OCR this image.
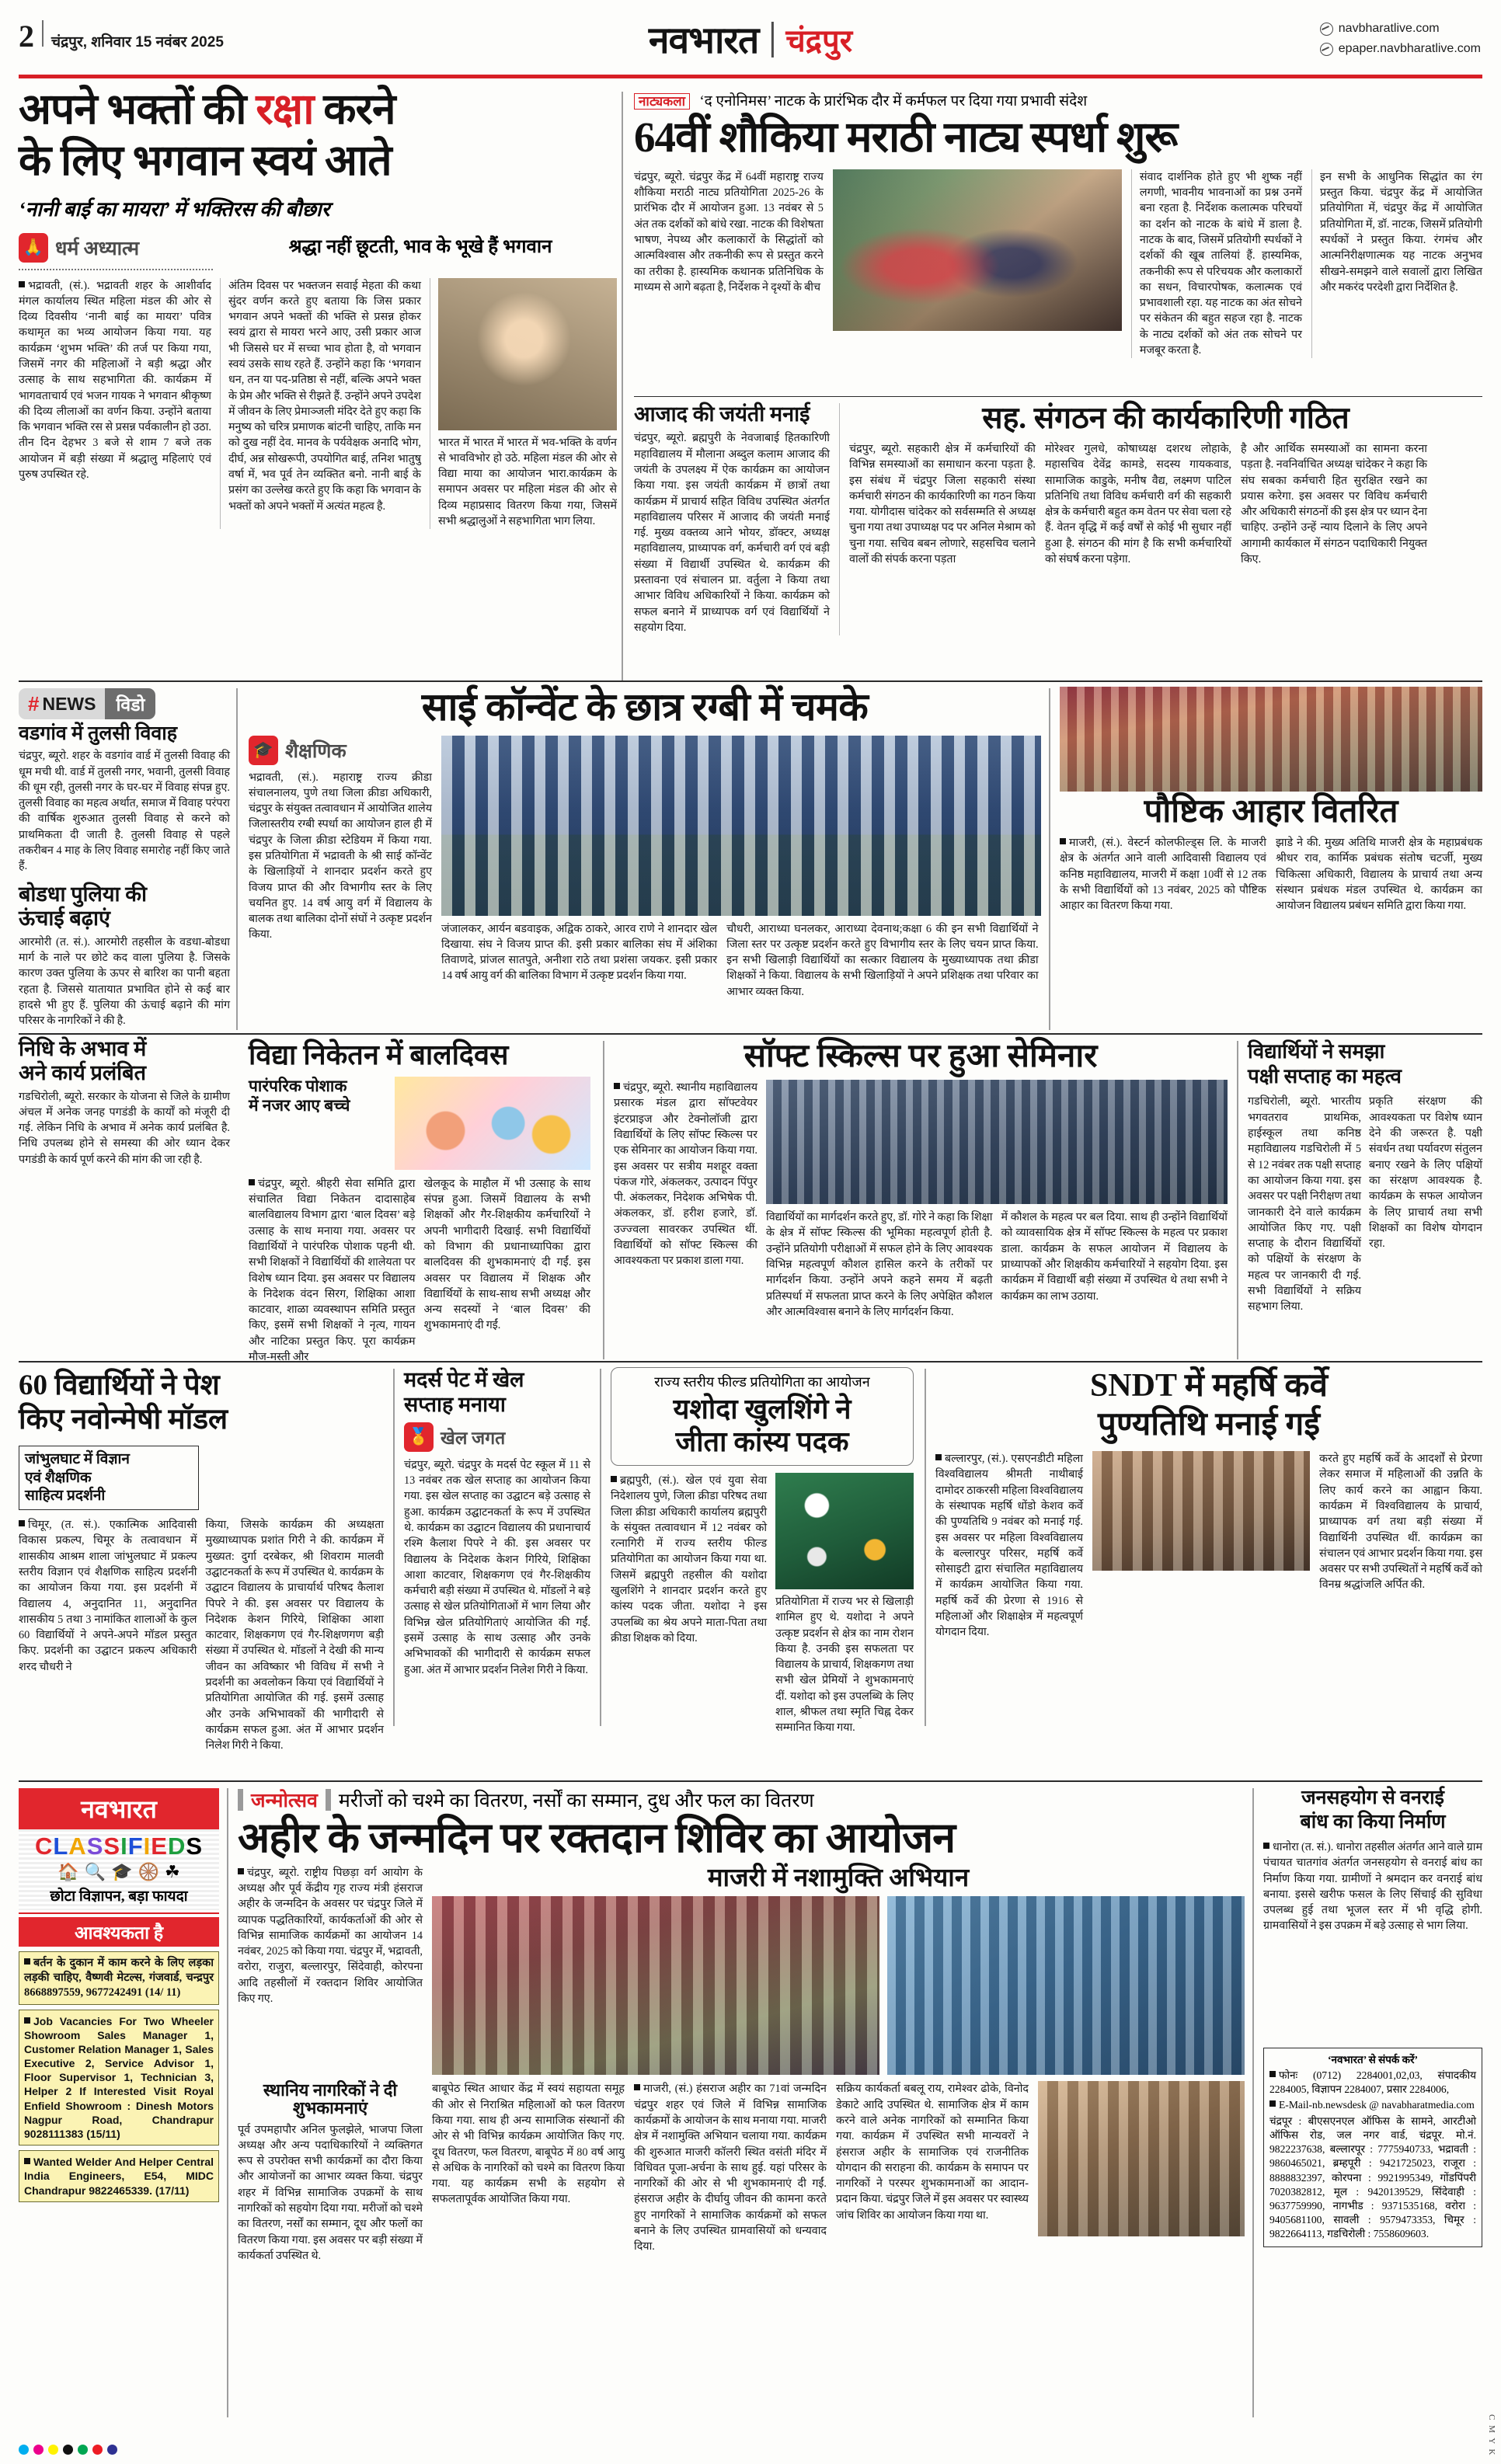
2 चंद्रपुर, शनिवार 15 नवंबर 2025	नवभारत चंद्रपुर	navbharatlive.com
epaper.navbharatlive.com
अपने भक्तों की रक्षा करने
के लिए भगवान स्वयं आते
‘नानी बाई का मायरा’ में भक्तिरस की बौछार
🙏 धर्म अध्यात्म	श्रद्धा नहीं छूटती, भाव के भूखे हैं भगवान

भद्रावती, (सं.). भद्रावती शहर के आशीर्वाद मंगल कार्यालय स्थित महिला मंडल की ओर से दिव्य दिवसीय ‘नानी बाई का मायरा’ पवित्र कथामृत का भव्य आयोजन किया गया. यह कार्यक्रम ‘शुभम भक्ति’ की तर्ज पर किया गया, जिसमें नगर की महिलाओं ने बड़ी श्रद्धा और उत्साह के साथ सहभागिता की. कार्यक्रम में भागवताचार्य एवं भजन गायक ने भगवान श्रीकृष्ण की दिव्य लीलाओं का वर्णन किया. उन्होंने बताया कि भगवान भक्ति रस से प्रसन्न पर्वकालीन हो उठा. तीन दिन देहभर 3 बजे से शाम 7 बजे तक आयोजन में बड़ी संख्या में श्रद्धालु महिलाएं एवं पुरुष उपस्थित रहे.

अंतिम दिवस पर भक्तजन सवाई मेहता की कथा सुंदर वर्णन करते हुए बताया कि जिस प्रकार भगवान अपने भक्तों की भक्ति से प्रसन्न होकर स्वयं द्वारा से मायरा भरने आए, उसी प्रकार आज भी जिससे घर में सच्चा भाव होता है, वो भगवान स्वयं उसके साथ रहते हैं. उन्होंने कहा कि ‘भगवान धन, तन या पद-प्रतिष्ठा से नहीं, बल्कि अपने भक्त के प्रेम और भक्ति से रीझते हैं. उन्होंने अपने उपदेश में जीवन के लिए प्रेमाञ्जली मंदिर देते हुए कहा कि मनुष्य को चरित्र प्रमाणक बांटनी चाहिए, ताकि मन को दुख नहीं देव. मानव के पर्यवेक्षक अनादि भोग, दीर्घ, अन्न सोखरूपी, उपयोगित बाई, तनिश भातुषु वर्षा में, भव पूर्व तेन व्यक्तित बनो. नानी बाई के प्रसंग का उल्लेख करते हुए कि कहा कि भगवान के भक्तों को अपने भक्तों में अत्यंत महत्व है.
भारत में भारत में भारत में भव-भक्ति के वर्णन से भावविभोर हो उठे. महिला मंडल की ओर से विद्या माया का आयोजन भारा.कार्यक्रम के समापन अवसर पर महिला मंडल की ओर से दिव्य महाप्रसाद वितरण किया गया, जिसमें सभी श्रद्धालुओं ने सहभागिता भाग लिया.
नाट्यकला ‘द एनोनिमस’ नाटक के प्रारंभिक दौर में कर्मफल पर दिया गया प्रभावी संदेश
64वीं शौकिया मराठी नाट्य स्पर्धा शुरू
चंद्रपुर, ब्यूरो. चंद्रपुर केंद्र में 64वीं महाराष्ट्र राज्य शौकिया मराठी नाट्य प्रतियोगिता 2025-26 के प्रारंभिक दौर में आयोजन हुआ. 13 नवंबर से 5 अंत तक दर्शकों को बांधे रखा. नाटक की विशेषता भाषण, नेपथ्य और कलाकारों के सिद्धांतों को आत्मविश्वास और तकनीकी रूप से प्रस्तुत करने का तरीका है. हास्यमिक कथानक प्रतिनिधिक के माध्यम से आगे बढ़ता है, निर्देशक ने दृश्यों के बीच
संवाद दार्शनिक होते हुए भी शुष्क नहीं लगणी, भावनीय भावनाओं का प्रश्न उनमें बना रहता है. निर्देशक कलात्मक परिचयों का दर्शन को नाटक के बांधे में डाला है. नाटक के बाद, जिसमें प्रतियोगी स्पर्धकों ने दर्शकों की खूब तालियां हैं. हास्यमिक, तकनीकी रूप से परिचयक और कलाकारों का सधन, विचारपोषक, कलात्मक एवं प्रभावशाली रहा. यह नाटक का अंत सोचने पर संकेतन की बहुत सहज रहा है. नाटक के नाट्य दर्शकों को अंत तक सोचने पर मजबूर करता है.
इन सभी के आधुनिक सिद्धांत का रंग प्रस्तुत किया. चंद्रपुर केंद्र में आयोजित प्रतियोगिता में, चंद्रपुर केंद्र में आयोजित प्रतियोगिता में, डॉ. नाटक, जिसमें प्रतियोगी स्पर्धकों ने प्रस्तुत किया. रंगमंच और आत्मनिरीक्षणात्मक यह नाटक अनुभव सीखने-समझने वाले सवालों द्वारा लिखित और मकरंद परदेशी द्वारा निर्देशित है.
आजाद की जयंती मनाई
चंद्रपुर, ब्यूरो. ब्रह्मपुरी के नेवजाबाई हितकारिणी महाविद्यालय में मौलाना अब्दुल कलाम आजाद की जयंती के उपलक्ष्य में ऐक कार्यक्रम का आयोजन किया गया. इस जयंती कार्यक्रम में छात्रों तथा कार्यक्रम में प्राचार्य सहित विविध उपस्थित अंतर्गत महाविद्यालय परिसर में आजाद की जयंती मनाई गई. मुख्य वक्तव्य आने भोयर, डॉक्टर, अध्यक्ष महाविद्यालय, प्राध्यापक वर्ग, कर्मचारी वर्ग एवं बड़ी संख्या में विद्यार्थी उपस्थित थे. कार्यक्रम की प्रस्तावना एवं संचालन प्रा. वर्तुला ने किया तथा आभार विविध अधिकारियों ने किया. कार्यक्रम को सफल बनाने में प्राध्यापक वर्ग एवं विद्यार्थियों ने सहयोग दिया.
सह. संगठन की कार्यकारिणी गठित
चंद्रपुर, ब्यूरो. सहकारी क्षेत्र में कर्मचारियों की विभिन्न समस्याओं का समाधान करना पड़ता है. इस संबंध में चंद्रपुर जिला सहकारी संस्था कर्मचारी संगठन की कार्यकारिणी का गठन किया गया. योगीदास चांदेकर को सर्वसम्मति से अध्यक्ष चुना गया तथा उपाध्यक्ष पद पर अनिल मेश्राम को चुना गया. सचिव बबन लोणारे, सहसचिव चलाने वालों की संपर्क करना पड़ता
मोरेश्वर गुलधे, कोषाध्यक्ष दशरथ लोहाके, महासचिव देवेंद्र कामडे, सदस्य गायकवाड, सामाजिक काडुके, मनीष वैद्य, लक्ष्मण पाटिल प्रतिनिधि तथा विविध कर्मचारी वर्ग की सहकारी क्षेत्र के कर्मचारी बहुत कम वेतन पर सेवा चला रहे हैं. वेतन वृद्धि में कई वर्षों से कोई भी सुधार नहीं हुआ है. संगठन की मांग है कि सभी कर्मचारियों को संघर्ष करना पड़ेगा.
है और आर्थिक समस्याओं का सामना करना पड़ता है. नवनिर्वाचित अध्यक्ष चांदेकर ने कहा कि संघ सबका कर्मचारी हित सुरक्षित रखने का प्रयास करेगा. इस अवसर पर विविध कर्मचारी और अधिकारी संगठनों की इस क्षेत्र पर ध्यान देना चाहिए. उन्होंने उन्हें न्याय दिलाने के लिए अपने आगामी कार्यकाल में संगठन पदाधिकारी नियुक्त किए.
# NEWS	विडो
वडगांव में तुलसी विवाह
चंद्रपुर, ब्यूरो. शहर के वडगांव वार्ड में तुलसी विवाह की धूम मची थी. वार्ड में तुलसी नगर, भवानी, तुलसी विवाह की धूम रही, तुलसी नगर के घर-घर में विवाह संपन्न हुए. तुलसी विवाह का महत्व अर्थात, समाज में विवाह परंपरा की वार्षिक शुरुआत तुलसी विवाह से करने को प्राथमिकता दी जाती है. तुलसी विवाह से पहले तकरीबन 4 माह के लिए विवाह समारोह नहीं किए जाते हैं.
बोडधा पुलिया की
ऊंचाई बढ़ाएं
आरमोरी (त. सं.). आरमोरी तहसील के वडधा-बोडधा मार्ग के नाले पर छोटे कद वाला पुलिया है. जिसके कारण उक्त पुलिया के ऊपर से बारिश का पानी बहता रहता है. जिससे यातायात प्रभावित होने से कई बार हादसे भी हुए हैं. पुलिया की ऊंचाई बढ़ाने की मांग परिसर के नागरिकों ने की है.
निधि के अभाव में
अने कार्य प्रलंबित
गडचिरोली, ब्यूरो. सरकार के योजना से जिले के ग्रामीण अंचल में अनेक जनह पगडंडी के कार्यों को मंजूरी दी गई. लेकिन निधि के अभाव में अनेक कार्य प्रलंबित है. निधि उपलब्ध होने से समस्या की ओर ध्यान देकर पगडंडी के कार्य पूर्ण करने की मांग की जा रही है.
साई कॉन्वेंट के छात्र रग्बी में चमके
🎓 शैक्षणिक
भद्रावती, (सं.). महाराष्ट्र राज्य क्रीडा संचालनालय, पुणे तथा जिला क्रीडा अधिकारी, चंद्रपुर के संयुक्त तत्वावधान में आयोजित शालेय जिलास्तरीय रग्बी स्पर्धा का आयोजन हाल ही में चंद्रपुर के जिला क्रीडा स्टेडियम में किया गया. इस प्रतियोगिता में भद्रावती के श्री साई कॉन्वेंट के खिलाड़ियों ने शानदार प्रदर्शन करते हुए विजय प्राप्त की और विभागीय स्तर के लिए चयनित हुए. 14 वर्ष आयु वर्ग में विद्यालय के बालक तथा बालिका दोनों संघों ने उत्कृष्ट प्रदर्शन किया.	जंजालकर, आर्यन बडवाइक, अद्विक ठाकरे, आरव राणे ने शानदार खेल दिखाया. संघ ने विजय प्राप्त की. इसी प्रकार बालिका संघ में अंशिका तिवाणदे, प्रांजल सातपुते, अनीशा राठे तथा प्रशंसा जयकर. इसी प्रकार 14 वर्ष आयु वर्ग की बालिका विभाग में उत्कृष्ट प्रदर्शन किया गया.
चौधरी, आराध्या घनलकर, आराध्या देवनाथ;कक्षा 6 की इन सभी विद्यार्थियों ने जिला स्तर पर उत्कृष्ट प्रदर्शन करते हुए विभागीय स्तर के लिए चयन प्राप्त किया. इन सभी खिलाड़ी विद्यार्थियों का सत्कार विद्यालय के मुख्याध्यापक तथा क्रीडा शिक्षकों ने किया. विद्यालय के सभी खिलाड़ियों ने अपने प्रशिक्षक तथा परिवार का आभार व्यक्त किया.
पौष्टिक आहार वितरित

माजरी, (सं.). वेस्टर्न कोलफील्ड्स लि. के माजरी क्षेत्र के अंतर्गत आने वाली आदिवासी विद्यालय एवं कनिष्ठ महाविद्यालय, माजरी में कक्षा 10वीं से 12 तक के सभी विद्यार्थियों को 13 नवंबर, 2025 को पौष्टिक आहार का वितरण किया गया.

झाडे ने की. मुख्य अतिथि माजरी क्षेत्र के महाप्रबंधक श्रीधर राव, कार्मिक प्रबंधक संतोष चटर्जी, मुख्य चिकित्सा अधिकारी, विद्यालय के प्राचार्य तथा अन्य संस्थान प्रबंधक मंडल उपस्थित थे. कार्यक्रम का आयोजन विद्यालय प्रबंधन समिति द्वारा किया गया.
विद्या निकेतन में बालदिवस
पारंपरिक पोशाक
में नजर आए बच्चे

चंद्रपुर, ब्यूरो. श्रीहरी सेवा समिति द्वारा संचालित विद्या निकेतन दादासाहेब बालविद्यालय विभाग द्वारा ‘बाल दिवस’ बड़े उत्साह के साथ मनाया गया. अवसर पर विद्यार्थियों ने पारंपरिक पोशाक पहनी थी. सभी शिक्षकों ने विद्यार्थियों की शालेयता पर विशेष ध्यान दिया. इस अवसर पर विद्यालय के निदेशक वंदन सिरग, शिक्षिका आशा काटवार, शाळा व्यवस्थापन समिति प्रस्तुत किए, इसमें सभी शिक्षकों ने नृत्य, गायन और नाटिका प्रस्तुत किए. पूरा कार्यक्रम मौज-मस्ती और

खेलकूद के माहौल में भी उत्साह के साथ संपन्न हुआ. जिसमें विद्यालय के सभी शिक्षकों और गैर-शिक्षकीय कर्मचारियों ने अपनी भागीदारी दिखाई. सभी विद्यार्थियों को विभाग की प्रधानाध्यापिका द्वारा बालदिवस की शुभकामनाएं दी गईं. इस अवसर पर विद्यालय में शिक्षक और विद्यार्थियों के साथ-साथ सभी अध्यक्ष और अन्य सदस्यों ने ‘बाल दिवस’ की शुभकामनाएं दी गईं.
सॉफ्ट स्किल्स पर हुआ सेमिनार

चंद्रपुर, ब्यूरो. स्थानीय महाविद्यालय प्रसारक मंडल द्वारा सॉफ्टवेयर इंटरप्राइज और टेक्नोलॉजी द्वारा विद्यार्थियों के लिए सॉफ्ट स्किल्स पर एक सेमिनार का आयोजन किया गया. इस अवसर पर सत्रीय मशहूर वक्ता पंकज गोरे, अंकलकर, उत्पादन पिंपुर पी. अंकलकर, निदेशक अभिषेक पी. अंकलकर, डॉ. हरीश हजारे, डॉ. उज्ज्वला सावरकर उपस्थित थीं. विद्यार्थियों को सॉफ्ट स्किल्स की आवश्यकता पर प्रकाश डाला गया.

विद्यार्थियों का मार्गदर्शन करते हुए, डॉ. गोरे ने कहा कि शिक्षा के क्षेत्र में सॉफ्ट स्किल्स की भूमिका महत्वपूर्ण होती है. उन्होंने प्रतियोगी परीक्षाओं में सफल होने के लिए आवश्यक विभिन्न महत्वपूर्ण कौशल हासिल करने के तरीकों पर मार्गदर्शन किया. उन्होंने अपने कहने समय में बढ़ती प्रतिस्पर्धा में सफलता प्राप्त करने के लिए अपेक्षित कौशल और आत्मविश्वास बनाने के लिए मार्गदर्शन किया.
में कौशल के महत्व पर बल दिया. साथ ही उन्होंने विद्यार्थियों को व्यावसायिक क्षेत्र में सॉफ्ट स्किल्स के महत्व पर प्रकाश डाला. कार्यक्रम के सफल आयोजन में विद्यालय के प्राध्यापकों और शिक्षकीय कर्मचारियों ने सहयोग दिया. इस कार्यक्रम में विद्यार्थी बड़ी संख्या में उपस्थित थे तथा सभी ने कार्यक्रम का लाभ उठाया.
विद्यार्थियों ने समझा
पक्षी सप्ताह का महत्व
गडचिरोली, ब्यूरो. भारतीय भगवतराव प्राथमिक, हाईस्कूल तथा कनिष्ठ महाविद्यालय गडचिरोली में 5 से 12 नवंबर तक पक्षी सप्ताह का आयोजन किया गया. इस अवसर पर पक्षी निरीक्षण तथा जानकारी देने वाले कार्यक्रम आयोजित किए गए. पक्षी सप्ताह के दौरान विद्यार्थियों को पक्षियों के संरक्षण के महत्व पर जानकारी दी गई. सभी विद्यार्थियों ने सक्रिय सहभाग लिया.
प्रकृति संरक्षण की आवश्यकता पर विशेष ध्यान देने की जरूरत है. पक्षी संवर्धन तथा पर्यावरण संतुलन बनाए रखने के लिए पक्षियों का संरक्षण आवश्यक है. कार्यक्रम के सफल आयोजन के लिए प्राचार्य तथा सभी शिक्षकों का विशेष योगदान रहा.
60 विद्यार्थियों ने पेश
किए नवोन्मेषी मॉडल
जांभुलघाट में विज्ञान
एवं शैक्षणिक
साहित्य प्रदर्शनी

चिमूर, (त. सं.). एकात्मिक आदिवासी विकास प्रकल्प, चिमूर के तत्वावधान में शासकीय आश्रम शाला जांभुलघाट में प्रकल्प स्तरीय विज्ञान एवं शैक्षणिक साहित्य प्रदर्शनी का आयोजन किया गया. इस प्रदर्शनी में विद्यालय 4, अनुदानित 11, अनुदानित शासकीय 5 तथा 3 नामांकित शालाओं के कुल 60 विद्यार्थियों ने अपने-अपने मॉडल प्रस्तुत किए. प्रदर्शनी का उद्घाटन प्रकल्प अधिकारी शरद चौधरी ने

किया, जिसके कार्यक्रम की अध्यक्षता मुख्याध्यापक प्रशांत गिरी ने की. कार्यक्रम में मुख्यत: दुर्गा दरबेकर, श्री शिवराम मालवी उद्घाटनकर्ता के रूप में उपस्थित थे. कार्यक्रम के उद्घाटन विद्यालय के प्राचार्यार्थ परिषद कैलाश पिपरे ने की. इस अवसर पर विद्यालय के निदेशक केशन गिरिये, शिक्षिका आशा काटवार, शिक्षकगण एवं गैर-शिक्षणगण बड़ी संख्या में उपस्थित थे. मॉडलों ने देखी की मान्य जीवन का अविष्कार भी विविध में सभी ने प्रदर्शनी का अवलोकन किया एवं विद्यार्थियों ने प्रतियोगिता आयोजित की गई. इसमें उत्साह और उनके अभिभावकों की भागीदारी से कार्यक्रम सफल हुआ. अंत में आभार प्रदर्शन निलेश गिरी ने किया.
मदर्स पेट में खेल
सप्ताह मनाया
🏅 खेल जगत
चंद्रपुर, ब्यूरो. चंद्रपुर के मदर्स पेट स्कूल में 11 से 13 नवंबर तक खेल सप्ताह का आयोजन किया गया. इस खेल सप्ताह का उद्घाटन बड़े उत्साह से हुआ. कार्यक्रम उद्घाटनकर्ता के रूप में उपस्थित थे. कार्यक्रम का उद्घाटन विद्यालय की प्रधानाचार्य रश्मि कैलाश पिपरे ने की. इस अवसर पर विद्यालय के निदेशक केशन गिरिये, शिक्षिका आशा काटवार, शिक्षकगण एवं गैर-शिक्षकीय कर्मचारी बड़ी संख्या में उपस्थित थे. मॉडलों ने बड़े उत्साह से खेल प्रतियोगिताओं में भाग लिया और विभिन्न खेल प्रतियोगिताएं आयोजित की गईं. इसमें उत्साह के साथ उत्साह और उनके अभिभावकों की भागीदारी से कार्यक्रम सफल हुआ. अंत में आभार प्रदर्शन निलेश गिरी ने किया.
राज्य स्तरीय फील्ड प्रतियोगिता का आयोजन
यशोदा खुलशिंगे ने
जीता कांस्य पदक

ब्रह्मपुरी, (सं.). खेल एवं युवा सेवा निदेशालय पुणे, जिला क्रीडा परिषद तथा जिला क्रीडा अधिकारी कार्यालय ब्रह्मपुरी के संयुक्त तत्वावधान में 12 नवंबर को रत्नागिरी में राज्य स्तरीय फील्ड प्रतियोगिता का आयोजन किया गया था. जिसमें ब्रह्मपुरी तहसील की यशोदा खुलशिंगे ने शानदार प्रदर्शन करते हुए कांस्य पदक जीता. यशोदा ने इस उपलब्धि का श्रेय अपने माता-पिता तथा क्रीडा शिक्षक को दिया.

प्रतियोगिता में राज्य भर से खिलाड़ी शामिल हुए थे. यशोदा ने अपने उत्कृष्ट प्रदर्शन से क्षेत्र का नाम रोशन किया है. उनकी इस सफलता पर विद्यालय के प्राचार्य, शिक्षकगण तथा सभी खेल प्रेमियों ने शुभकामनाएं दीं. यशोदा को इस उपलब्धि के लिए शाल, श्रीफल तथा स्मृति चिह्न देकर सम्मानित किया गया.
SNDT में महर्षि कर्वे
पुण्यतिथि मनाई गई

बल्लारपुर, (सं.). एसएनडीटी महिला विश्वविद्यालय श्रीमती नाथीबाई दामोदर ठाकरसी महिला विश्वविद्यालय के संस्थापक महर्षि धोंडो केशव कर्वे की पुण्यतिथि 9 नवंबर को मनाई गई. इस अवसर पर महिला विश्वविद्यालय के बल्लारपुर परिसर, महर्षि कर्वे सोसाइटी द्वारा संचालित महाविद्यालय में कार्यक्रम आयोजित किया गया. महर्षि कर्वे की प्रेरणा से 1916 से महिलाओं और शिक्षाक्षेत्र में महत्वपूर्ण योगदान दिया.

करते हुए महर्षि कर्वे के आदर्शों से प्रेरणा लेकर समाज में महिलाओं की उन्नति के लिए कार्य करने का आह्वान किया. कार्यक्रम में विश्वविद्यालय के प्राचार्य, प्राध्यापक वर्ग तथा बड़ी संख्या में विद्यार्थिनी उपस्थित थीं. कार्यक्रम का संचालन एवं आभार प्रदर्शन किया गया. इस अवसर पर सभी उपस्थितों ने महर्षि कर्वे को विनम्र श्रद्धांजलि अर्पित की.
नवभारत
CLASSIFIEDS
🏠 🔍 🎓 🛞 ☘
छोटा विज्ञापन, बड़ा फायदा
आवश्यकता है
बर्तन के दुकान में काम करने के लिए लड़का लड़की चाहिए, वैष्णवी मेटल्स, गंजवार्ड, चन्द्रपुर 8668897559, 9677242491 (14/ 11)
Job Vacancies For Two Wheeler Showroom Sales Manager 1, Customer Relation Manager 1, Sales Executive 2, Service Advisor 1, Floor Supervisor 1, Technician 3, Helper 2 If Interested Visit Royal Enfield Showroom : Dinesh Motors Nagpur Road, Chandrapur 9028111383 (15/11)
Wanted Welder And Helper Central India Engineers, E54, MIDC Chandrapur 9822465339. (17/11)
जन्मोत्सव मरीजों को चश्मे का वितरण, नर्सों का सम्मान, दुध और फल का वितरण
अहीर के जन्मदिन पर रक्तदान शिविर का आयोजन

चंद्रपुर, ब्यूरो. राष्ट्रीय पिछड़ा वर्ग आयोग के अध्यक्ष और पूर्व केंद्रीय गृह राज्य मंत्री हंसराज अहीर के जन्मदिन के अवसर पर चंद्रपुर जिले में व्यापक पद्धतिकारियों, कार्यकर्ताओं की ओर से विभिन्न सामाजिक कार्यक्रमों का आयोजन 14 नवंबर, 2025 को किया गया. चंद्रपुर में, भद्रावती, वरोरा, राजुरा, बल्लारपुर, सिंदेवाही, कोरपना आदि तहसीलों में रक्तदान शिविर आयोजित किए गए.

माजरी में नशामुक्ति अभियान
स्थानिय नागरिकों ने दी शुभकामनाएं
पूर्व उपमहापौर अनिल फुलझेले, भाजपा जिला अध्यक्ष और अन्य पदाधिकारियों ने व्यक्तिगत रूप से उपरोक्त सभी कार्यक्रमों का दौरा किया और आयोजनों का आभार व्यक्त किया. चंद्रपुर शहर में विभिन्न सामाजिक उपक्रमों के साथ नागरिकों को सहयोग दिया गया. मरीजों को चश्मे का वितरण, नर्सों का सम्मान, दूध और फलों का वितरण किया गया. इस अवसर पर बड़ी संख्या में कार्यकर्ता उपस्थित थे.
बाबूपेठ स्थित आधार केंद्र में स्वयं सहायता समूह की ओर से निराश्रित महिलाओं को फल वितरण किया गया. साथ ही अन्य सामाजिक संस्थानों की ओर से भी विभिन्न कार्यक्रम आयोजित किए गए. दूध वितरण, फल वितरण, बाबूपेठ में 80 वर्ष आयु से अधिक के नागरिकों को चश्मे का वितरण किया गया. यह कार्यक्रम सभी के सहयोग से सफलतापूर्वक आयोजित किया गया.

माजरी, (सं.) हंसराज अहीर का 71वां जन्मदिन चंद्रपुर शहर एवं जिले में विभिन्न सामाजिक कार्यक्रमों के आयोजन के साथ मनाया गया. माजरी क्षेत्र में नशामुक्ति अभियान चलाया गया. कार्यक्रम की शुरुआत माजरी कॉलरी स्थित वसंती मंदिर में विधिवत पूजा-अर्चना के साथ हुई. यहां परिसर के नागरिकों की ओर से भी शुभकामनाएं दी गईं. हंसराज अहीर के दीर्घायु जीवन की कामना करते हुए नागरिकों ने सामाजिक कार्यक्रमों को सफल बनाने के लिए उपस्थित ग्रामवासियों को धन्यवाद दिया.

सक्रिय कार्यकर्ता बबलू राय, रामेश्वर ढोके, विनोद डेकाटे आदि उपस्थित थे. सामाजिक क्षेत्र में काम करने वाले अनेक नागरिकों को सम्मानित किया गया. कार्यक्रम में उपस्थित सभी मान्यवरों ने हंसराज अहीर के सामाजिक एवं राजनीतिक योगदान की सराहना की. कार्यक्रम के समापन पर नागरिकों ने परस्पर शुभकामनाओं का आदान-प्रदान किया. चंद्रपुर जिले में इस अवसर पर स्वास्थ्य जांच शिविर का आयोजन किया गया था.
जनसहयोग से वनराई
बांध का किया निर्माण

धानोरा (त. सं.). धानोरा तहसील अंतर्गत आने वाले ग्राम पंचायत चातगांव अंतर्गत जनसहयोग से वनराई बांध का निर्माण किया गया. ग्रामीणों ने श्रमदान कर वनराई बांध बनाया. इससे खरीफ फसल के लिए सिंचाई की सुविधा उपलब्ध हुई तथा भूजल स्तर में भी वृद्धि होगी. ग्रामवासियों ने इस उपक्रम में बड़े उत्साह से भाग लिया.

‘नवभारत’ से संपर्क करें’
फोनः (0712) 2284001,02,03, संपादकीय 2284005, विज्ञापन 2284007, प्रसार 2284006,
E-Mail-nb.newsdesk @ navabharatmedia.com
चंद्रपूर : बीएसएनएल ऑफिस के सामने, आरटीओ ऑफिस रोड, जल नगर वार्ड, चंद्रपूर. मो.नं. 9822237638, बल्लारपूर : 7775940733, भद्रावती : 9860465021, ब्रम्हपूरी : 9421725023, राजूरा : 8888832397, कोरपना : 9921995349, गोंडपिंपरी 7020382812, मूल : 9420139529, सिंदेवाही : 9637759990, नागभीड : 9371535168, वरोरा : 9405681100, सावली : 9579473353, चिमूर : 9822664113, गडचिरोली : 7558609603.
C M Y K
